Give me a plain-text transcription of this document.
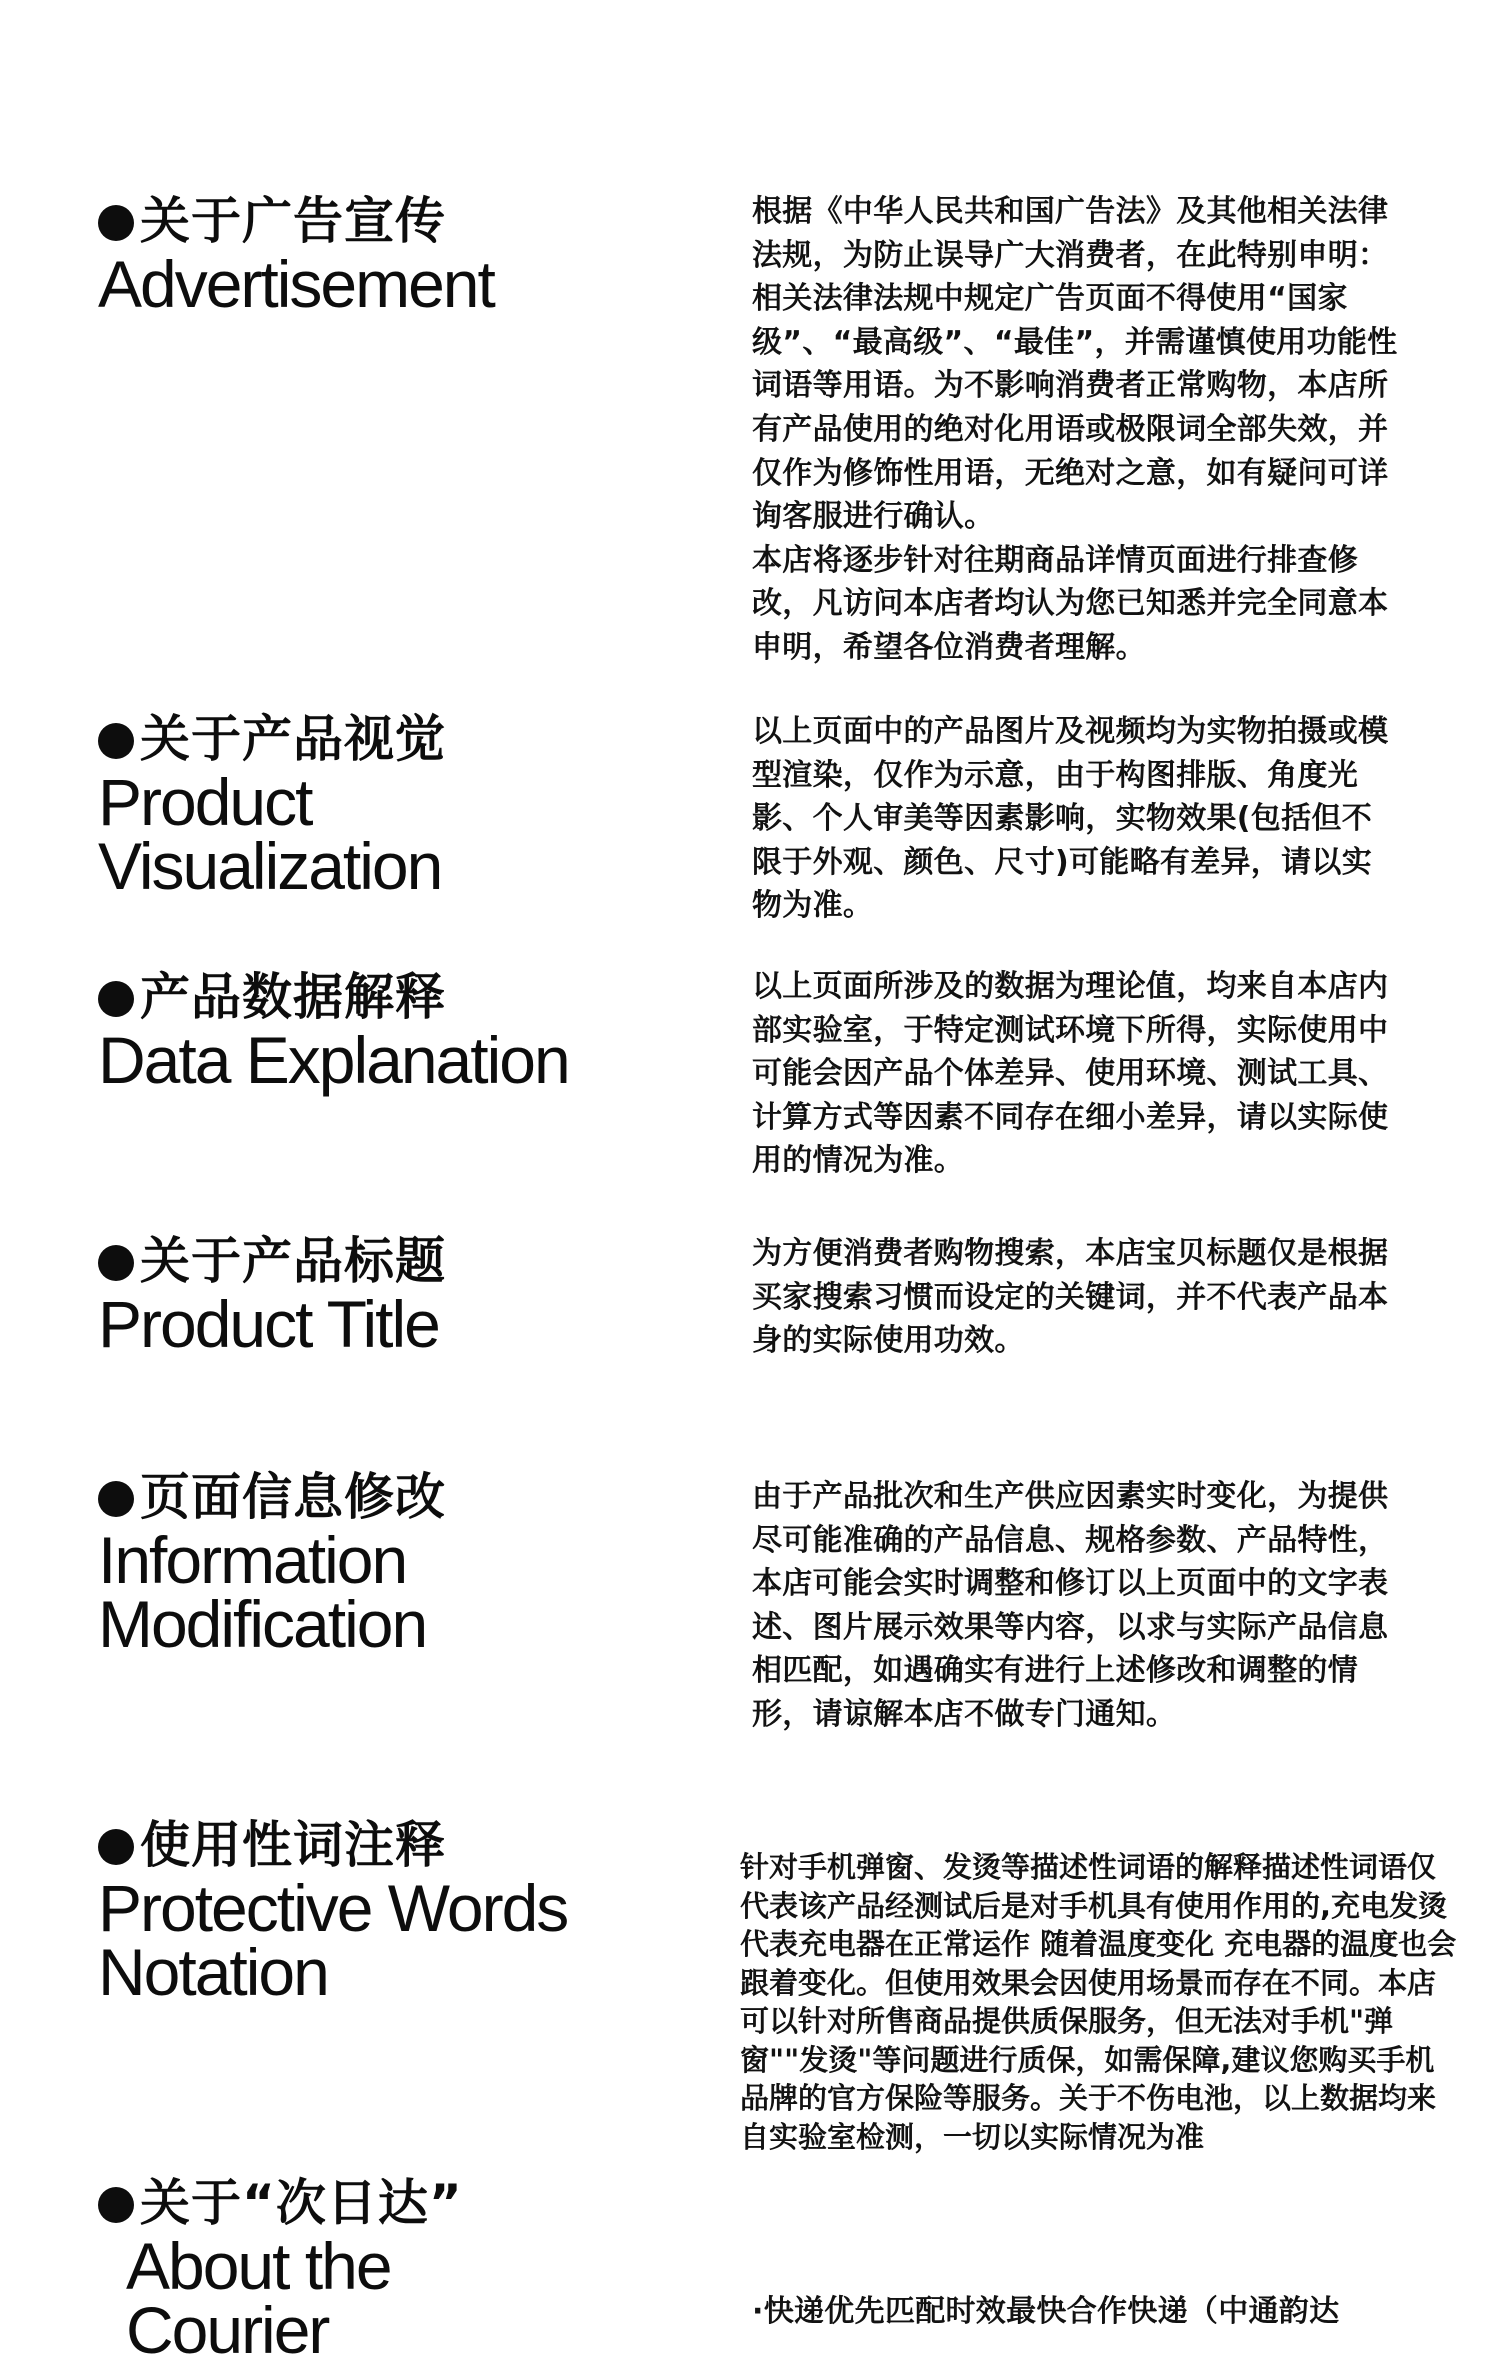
关于广告宣传
Advertisement

根据《中华人民共和国广告法》及其他相关法律法规，为防止误导广大消费者，在此特别申明：相关法律法规中规定广告页面不得使用“国家级”、“最高级”、“最佳”，并需谨慎使用功能性词语等用语。为不影响消费者正常购物，本店所有产品使用的绝对化用语或极限词全部失效，并仅作为修饰性用语，无绝对之意，如有疑问可详询客服进行确认。

本店将逐步针对往期商品详情页面进行排查修改，凡访问本店者均认为您已知悉并完全同意本申明，希望各位消费者理解。

关于产品视觉
Product
Visualization

以上页面中的产品图片及视频均为实物拍摄或模型渲染，仅作为示意，由于构图排版、角度光影、个人审美等因素影响，实物效果(包括但不限于外观、颜色、尺寸)可能略有差异，请以实物为准。

产品数据解释
Data Explanation

以上页面所涉及的数据为理论值，均来自本店内部实验室，于特定测试环境下所得，实际使用中可能会因产品个体差异、使用环境、测试工具、计算方式等因素不同存在细小差异，请以实际使用的情况为准。

关于产品标题
Product Title

为方便消费者购物搜索，本店宝贝标题仅是根据买家搜索习惯而设定的关键词，并不代表产品本身的实际使用功效。

页面信息修改
Information
Modification

由于产品批次和生产供应因素实时变化，为提供尽可能准确的产品信息、规格参数、产品特性，本店可能会实时调整和修订以上页面中的文字表述、图片展示效果等内容，以求与实际产品信息相匹配，如遇确实有进行上述修改和调整的情形，请谅解本店不做专门通知。

使用性词注释
Protective Words
Notation

针对手机弹窗、发烫等描述性词语的解释描述性词语仅代表该产品经测试后是对手机具有使用作用的,充电发烫代表充电器在正常运作 随着温度变化 充电器的温度也会跟着变化。但使用效果会因使用场景而存在不同。本店可以针对所售商品提供质保服务，但无法对手机"弹窗""发烫"等问题进行质保，如需保障,建议您购买手机品牌的官方保险等服务。关于不伤电池，以上数据均来自实验室检测，一切以实际情况为准

关于“次日达”
About the
Courier	·快递优先匹配时效最快合作快递（中通韵达
